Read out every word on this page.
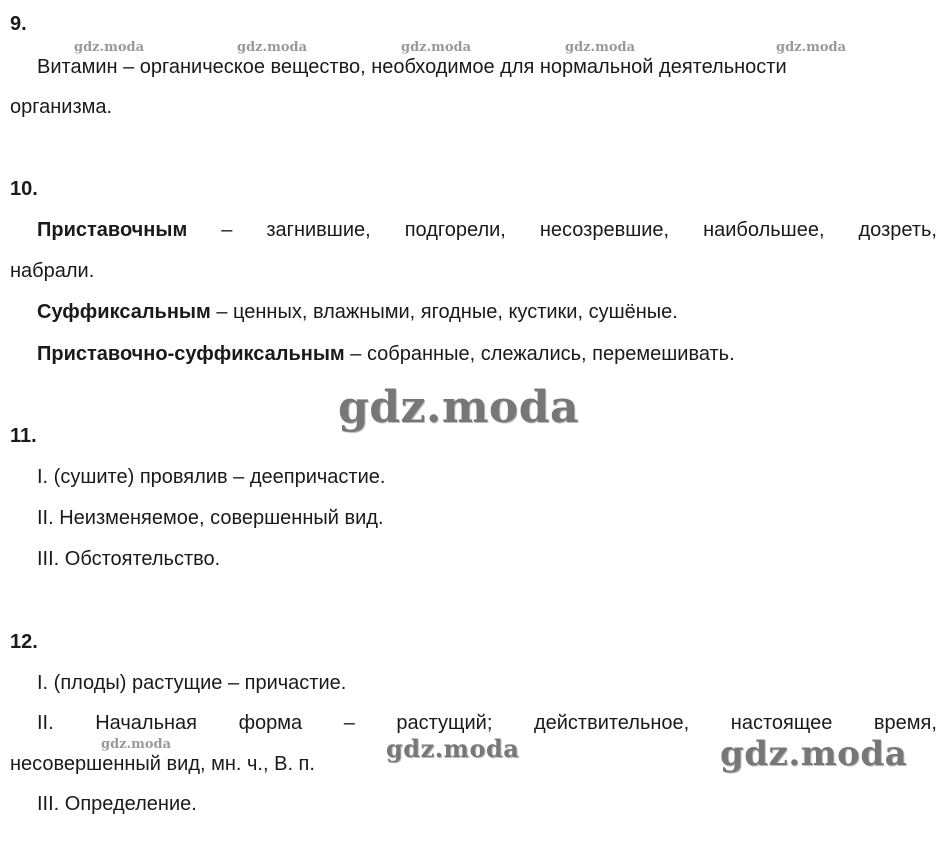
9.
Витамин – органическое вещество, необходимое для нормальной деятельности
организма.
10.
Приставочным – загнившие, подгорели, несозревшие, наибольшее, дозреть,
набрали.
Суффиксальным – ценных, влажными, ягодные, кустики, сушёные.
Приставочно-суффиксальным – собранные, слежались, перемешивать.
11.
I. (сушите) провялив – деепричастие.
II. Неизменяемое, совершенный вид.
III. Обстоятельство.
12.
I. (плоды) растущие – причастие.
II. Начальная форма – растущий; действительное, настоящее время,
несовершенный вид, мн. ч., В. п.
III. Определение.
gdz.moda	gdz.moda	gdz.moda	gdz.moda	gdz.moda
gdz.moda
gdz.moda	gdz.moda	gdz.moda
